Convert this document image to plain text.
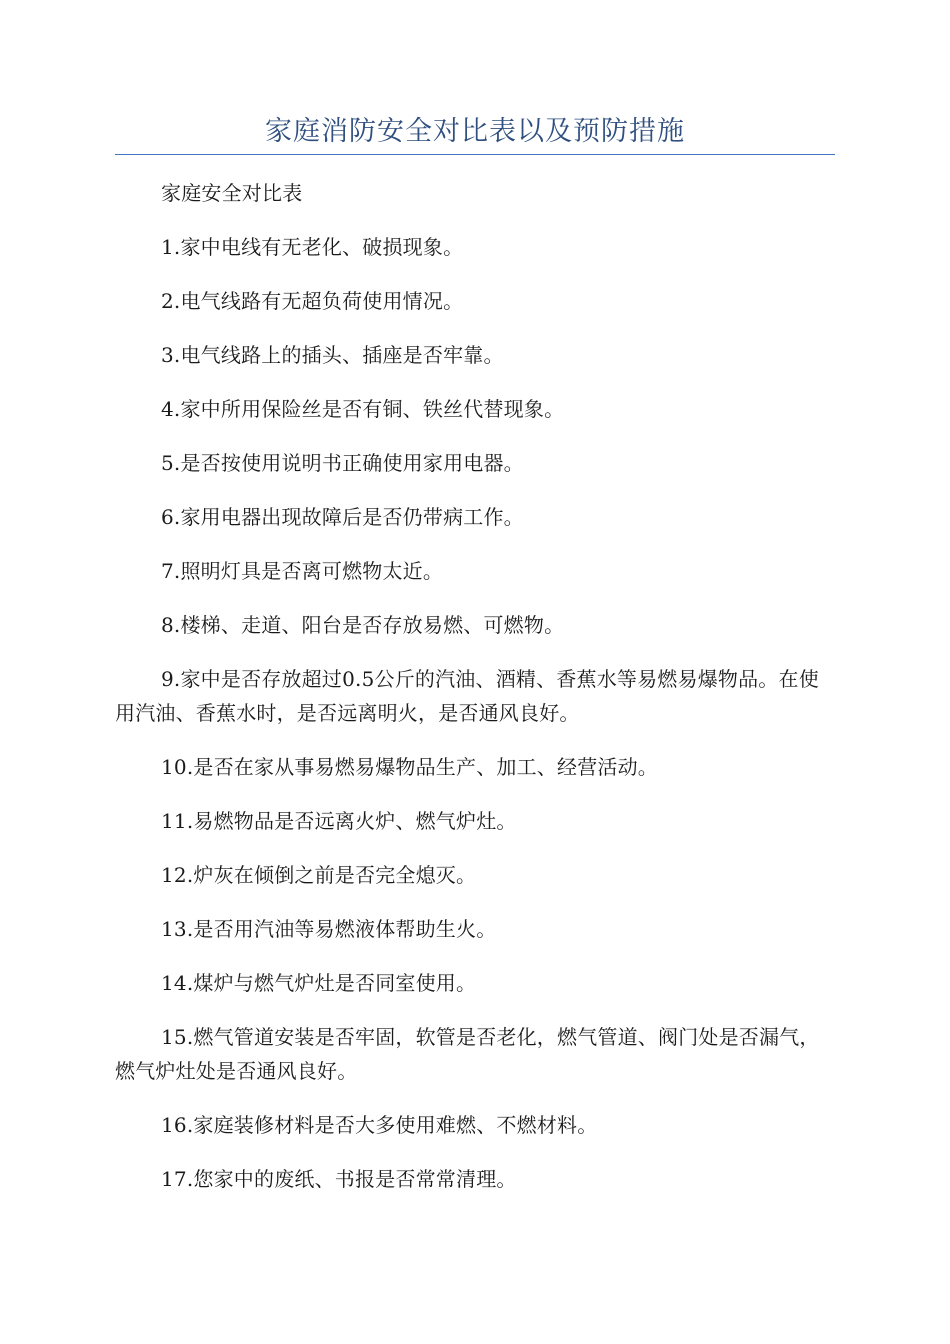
家庭消防安全对比表以及预防措施

家庭安全对比表

1.家中电线有无老化、破损现象。

2.电气线路有无超负荷使用情况。

3.电气线路上的插头、插座是否牢靠。

4.家中所用保险丝是否有铜、铁丝代替现象。

5.是否按使用说明书正确使用家用电器。

6.家用电器出现故障后是否仍带病工作。

7.照明灯具是否离可燃物太近。

8.楼梯、走道、阳台是否存放易燃、可燃物。

9.家中是否存放超过0.5公斤的汽油、酒精、香蕉水等易燃易爆物品。在使用汽油、香蕉水时，是否远离明火，是否通风良好。

10.是否在家从事易燃易爆物品生产、加工、经营活动。

11.易燃物品是否远离火炉、燃气炉灶。

12.炉灰在倾倒之前是否完全熄灭。

13.是否用汽油等易燃液体帮助生火。

14.煤炉与燃气炉灶是否同室使用。

15.燃气管道安装是否牢固，软管是否老化，燃气管道、阀门处是否漏气，燃气炉灶处是否通风良好。

16.家庭装修材料是否大多使用难燃、不燃材料。

17.您家中的废纸、书报是否常常清理。
